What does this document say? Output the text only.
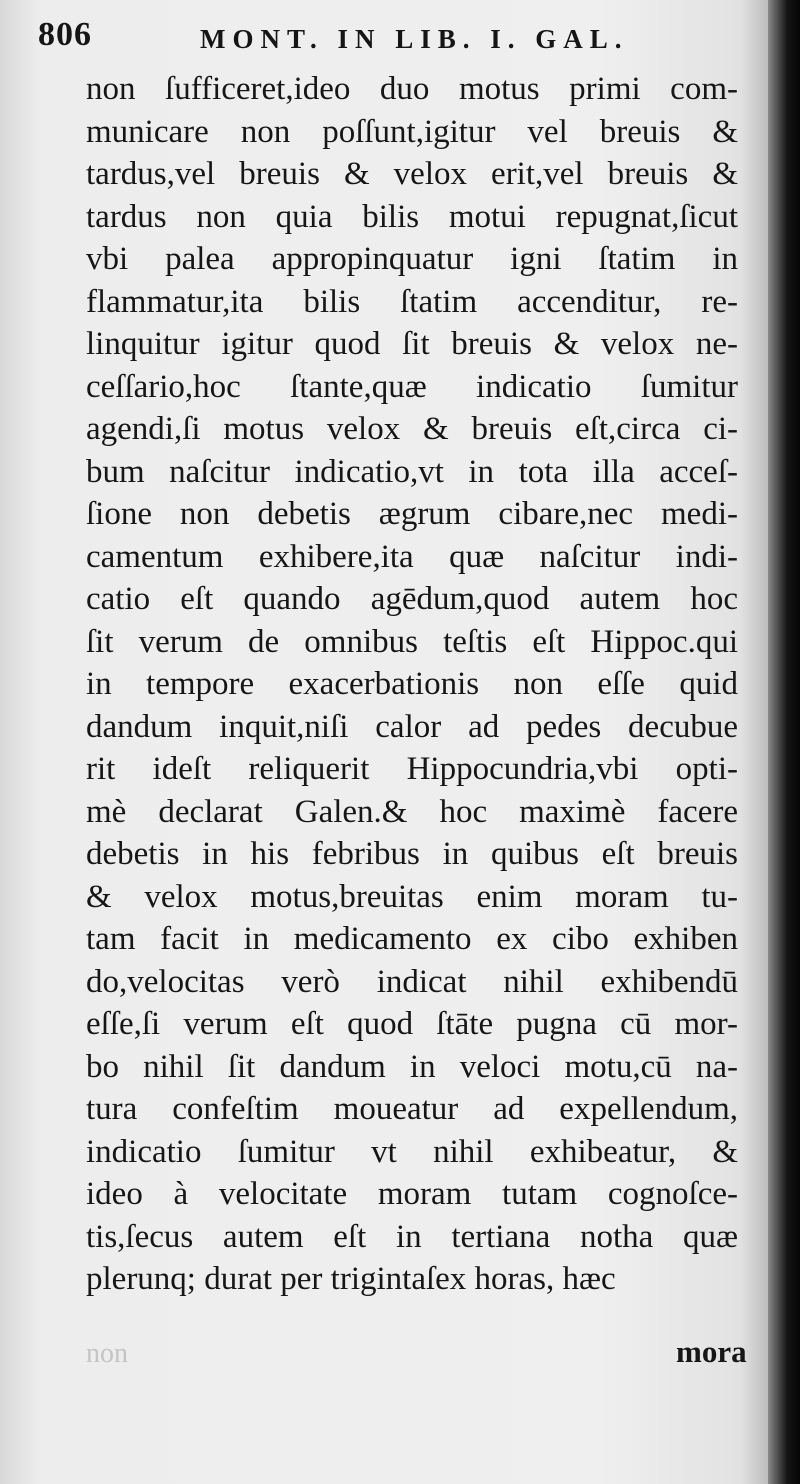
806	MONT. IN LIB. I. GAL.
non ſufficeret,ideo duo motus primi com-
municare non poſſunt,igitur vel breuis &
tardus,vel breuis & velox erit,vel breuis &
tardus non quia bilis motui repugnat,ſicut
vbi palea appropinquatur igni ſtatim in
flammatur,ita bilis ſtatim accenditur, re-
linquitur igitur quod ſit breuis & velox ne-
ceſſario,hoc ſtante,quæ indicatio ſumitur
agendi,ſi motus velox & breuis eſt,circa ci-
bum naſcitur indicatio,vt in tota illa acceſ-
ſione non debetis ægrum cibare,nec medi-
camentum exhibere,ita quæ naſcitur indi-
catio eſt quando agēdum,quod autem hoc
ſit verum de omnibus teſtis eſt Hippoc.qui
in tempore exacerbationis non eſſe quid
dandum inquit,niſi calor ad pedes decubue
rit ideſt reliquerit Hippocundria,vbi opti-
mè declarat Galen.& hoc maximè facere
debetis in his febribus in quibus eſt breuis
& velox motus,breuitas enim moram tu-
tam facit in medicamento ex cibo exhiben
do,velocitas verò indicat nihil exhibendū
eſſe,ſi verum eſt quod ſtāte pugna cū mor-
bo nihil ſit dandum in veloci motu,cū na-
tura confeſtim moueatur ad expellendum,
indicatio ſumitur vt nihil exhibeatur, &
ideo à velocitate moram tutam cognoſce-
tis,ſecus autem eſt in tertiana notha quæ
plerunq; durat per trigintaſex horas, hæc
non	mora
